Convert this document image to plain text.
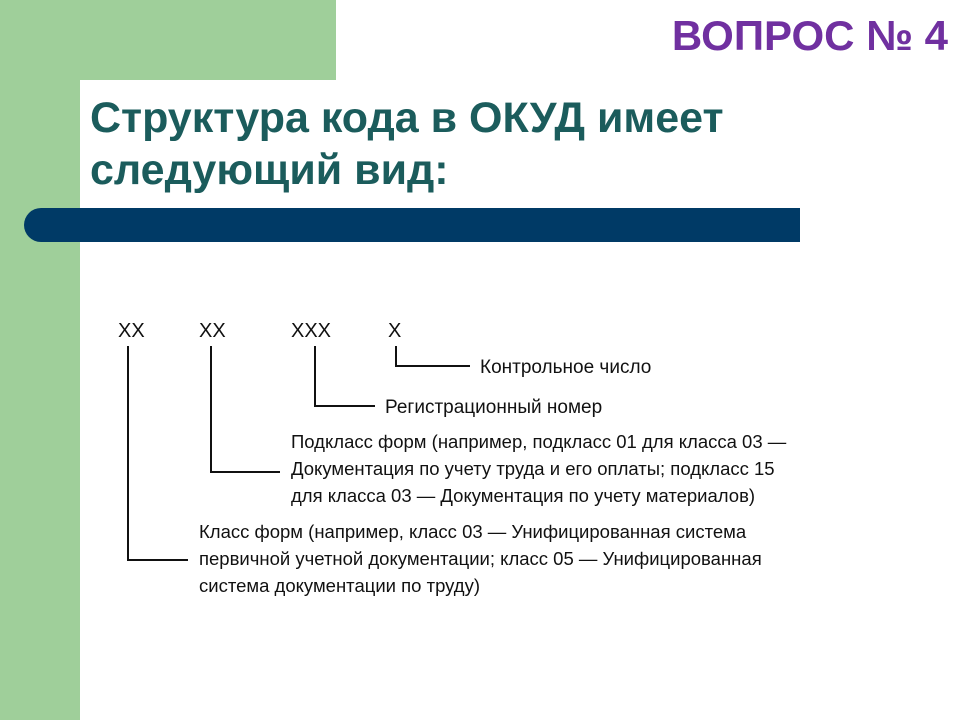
ВОПРОС № 4
Структура кода в ОКУД имеет
следующий вид:
XX	XX	XXX	X
Контрольное число
Регистрационный номер
Подкласс форм (например, подкласс 01 для класса 03 —
Документация по учету труда и его оплаты; подкласс 15
для класса 03 — Документация по учету материалов)
Класс форм (например, класс 03 — Унифицированная система
первичной учетной документации; класс 05 — Унифицированная
система документации по труду)
